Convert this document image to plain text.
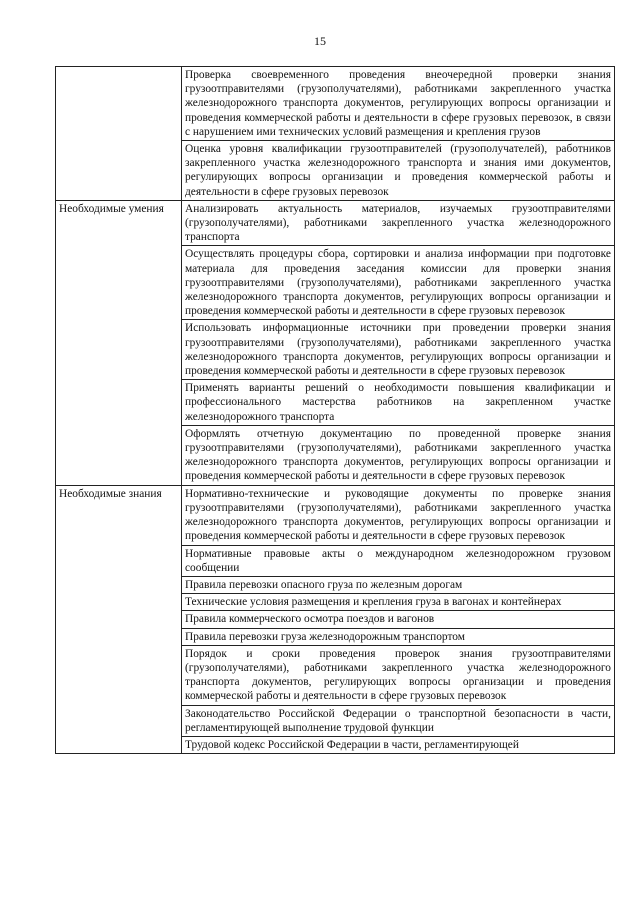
15
	Проверка своевременного проведения внеочередной проверки знания грузоотправителями (грузополучателями), работниками закрепленного участка железнодорожного транспорта документов, регулирующих вопросы организации и проведения коммерческой работы и деятельности в сфере грузовых перевозок, в связи с нарушением ими технических условий размещения и крепления грузов
	Оценка уровня квалификации грузоотправителей (грузополучателей), работников закрепленного участка железнодорожного транспорта и знания ими документов, регулирующих вопросы организации и проведения коммерческой работы и деятельности в сфере грузовых перевозок
Необходимые умения	Анализировать актуальность материалов, изучаемых грузоотправителями (грузополучателями), работниками закрепленного участка железнодорожного транспорта
	Осуществлять процедуры сбора, сортировки и анализа информации при подготовке материала для проведения заседания комиссии для проверки знания грузоотправителями (грузополучателями), работниками закрепленного участка железнодорожного транспорта документов, регулирующих вопросы организации и проведения коммерческой работы и деятельности в сфере грузовых перевозок
	Использовать информационные источники при проведении проверки знания грузоотправителями (грузополучателями), работниками закрепленного участка железнодорожного транспорта документов, регулирующих вопросы организации и проведения коммерческой работы и деятельности в сфере грузовых перевозок
	Применять варианты решений о необходимости повышения квалификации и профессионального мастерства работников на закрепленном участке железнодорожного транспорта
	Оформлять отчетную документацию по проведенной проверке знания грузоотправителями (грузополучателями), работниками закрепленного участка железнодорожного транспорта документов, регулирующих вопросы организации и проведения коммерческой работы и деятельности в сфере грузовых перевозок
Необходимые знания	Нормативно-технические и руководящие документы по проверке знания грузоотправителями (грузополучателями), работниками закрепленного участка железнодорожного транспорта документов, регулирующих вопросы организации и проведения коммерческой работы и деятельности в сфере грузовых перевозок
	Нормативные правовые акты о международном железнодорожном грузовом сообщении
	Правила перевозки опасного груза по железным дорогам
	Технические условия размещения и крепления груза в вагонах и контейнерах
	Правила коммерческого осмотра поездов и вагонов
	Правила перевозки груза железнодорожным транспортом
	Порядок и сроки проведения проверок знания грузоотправителями (грузополучателями), работниками закрепленного участка железнодорожного транспорта документов, регулирующих вопросы организации и проведения коммерческой работы и деятельности в сфере грузовых перевозок
	Законодательство Российской Федерации о транспортной безопасности в части, регламентирующей выполнение трудовой функции
	Трудовой кодекс Российской Федерации в части, регламентирующей
